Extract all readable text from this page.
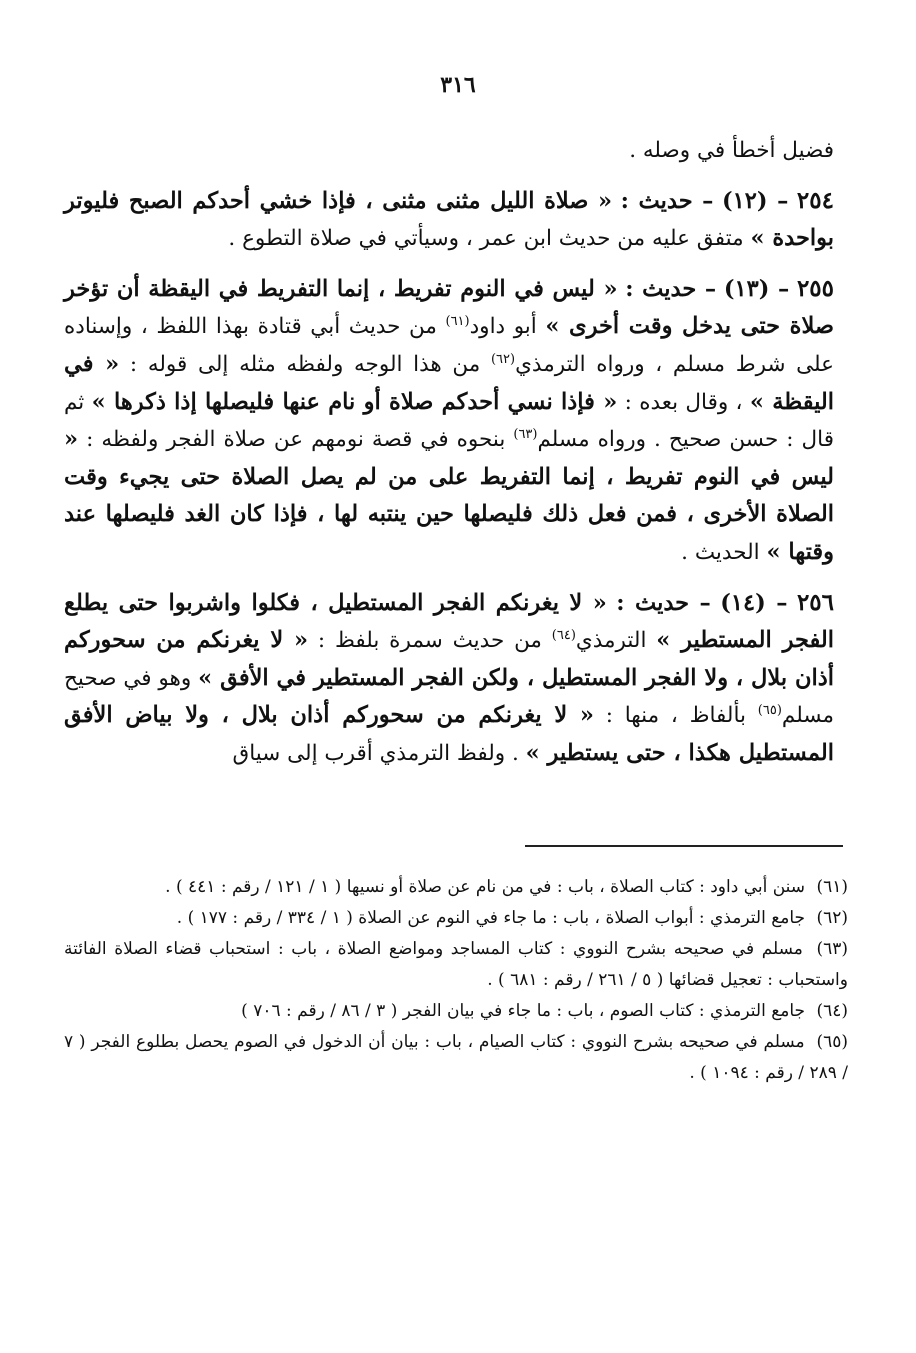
٣١٦

فضيل أخطأ في وصله .

٢٥٤ – (١٢) – حديث : « صلاة الليل مثنى مثنى ، فإذا خشي أحدكم الصبح فليوتر بواحدة » متفق عليه من حديث ابن عمر ، وسيأتي في صلاة التطوع .

٢٥٥ – (١٣) – حديث : « ليس في النوم تفريط ، إنما التفريط في اليقظة أن تؤخر صلاة حتى يدخل وقت أخرى » أبو داود$^{(٦١)}$ من حديث أبي قتادة بهذا اللفظ ، وإسناده على شرط مسلم ، ورواه الترمذي$^{(٦٢)}$ من هذا الوجه ولفظه مثله إلى قوله : « في اليقظة » ، وقال بعده : « فإذا نسي أحدكم صلاة أو نام عنها فليصلها إذا ذكرها » ثم قال : حسن صحيح . ورواه مسلم$^{(٦٣)}$ بنحوه في قصة نومهم عن صلاة الفجر ولفظه : « ليس في النوم تفريط ، إنما التفريط على من لم يصل الصلاة حتى يجيء وقت الصلاة الأخرى ، فمن فعل ذلك فليصلها حين ينتبه لها ، فإذا كان الغد فليصلها عند وقتها » الحديث .

٢٥٦ – (١٤) – حديث : « لا يغرنكم الفجر المستطيل ، فكلوا واشربوا حتى يطلع الفجر المستطير » الترمذي$^{(٦٤)}$ من حديث سمرة بلفظ : « لا يغرنكم من سحوركم أذان بلال ، ولا الفجر المستطيل ، ولكن الفجر المستطير في الأفق » وهو في صحيح مسلم$^{(٦٥)}$ بألفاظ ، منها : « لا يغرنكم من سحوركم أذان بلال ، ولا بياض الأفق المستطيل هكذا ، حتى يستطير » . ولفظ الترمذي أقرب إلى سياق

(٦١) سنن أبي داود : كتاب الصلاة ، باب : في من نام عن صلاة أو نسيها ( ١ / ١٢١ / رقم : ٤٤١ ) .

(٦٢) جامع الترمذي : أبواب الصلاة ، باب : ما جاء في النوم عن الصلاة ( ١ / ٣٣٤ / رقم : ١٧٧ ) .

(٦٣) مسلم في صحيحه بشرح النووي : كتاب المساجد ومواضع الصلاة ، باب : استحباب قضاء الصلاة الفائتة واستحباب : تعجيل قضائها ( ٥ / ٢٦١ / رقم : ٦٨١ ) .

(٦٤) جامع الترمذي : كتاب الصوم ، باب : ما جاء في بيان الفجر ( ٣ / ٨٦ / رقم : ٧٠٦ )

(٦٥) مسلم في صحيحه بشرح النووي : كتاب الصيام ، باب : بيان أن الدخول في الصوم يحصل بطلوع الفجر ( ٧ / ٢٨٩ / رقم : ١٠٩٤ ) .
